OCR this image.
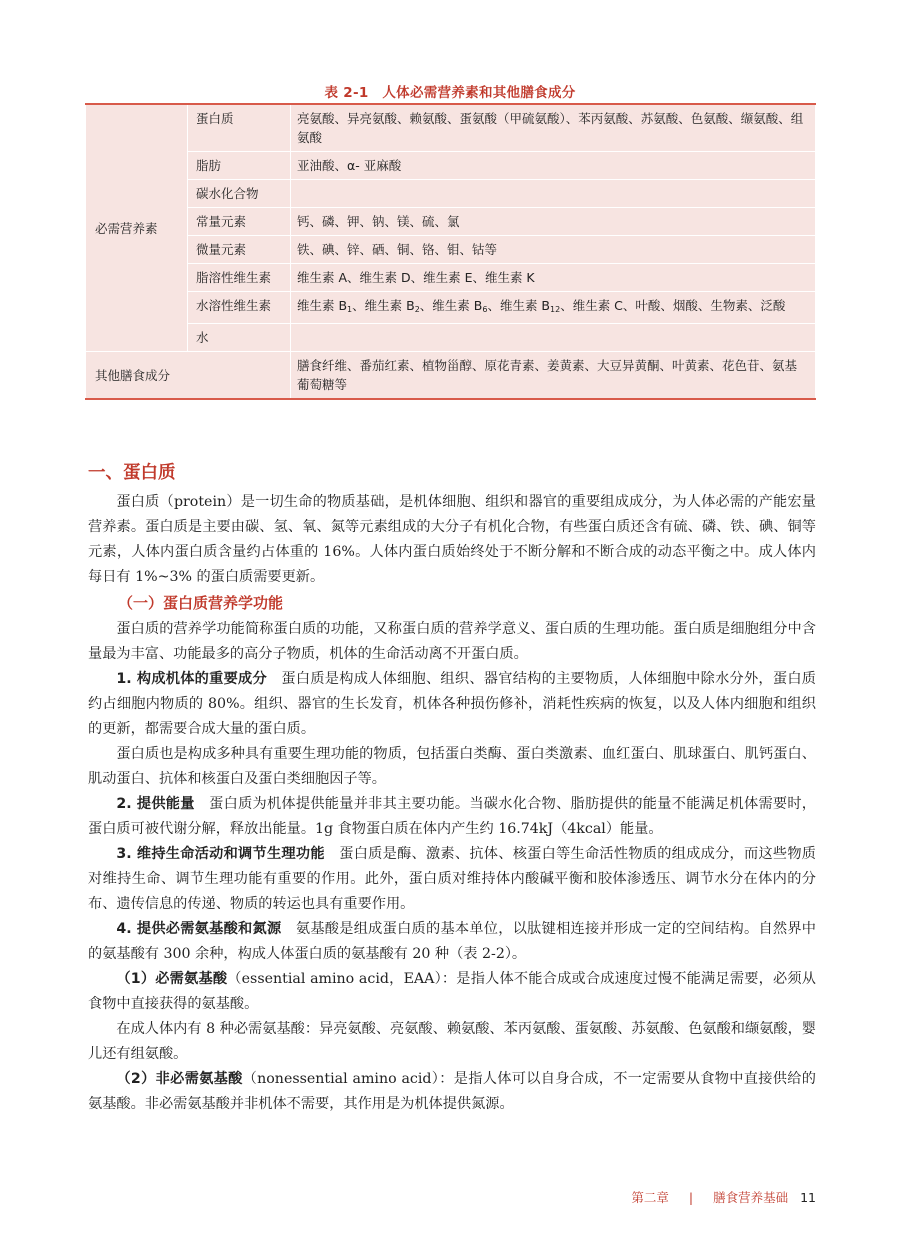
表 2-1　人体必需营养素和其他膳食成分
必需营养素	蛋白质	亮氨酸、异亮氨酸、赖氨酸、蛋氨酸（甲硫氨酸）、苯丙氨酸、苏氨酸、色氨酸、缬氨酸、组氨酸
	脂肪	亚油酸、α- 亚麻酸
	碳水化合物	
	常量元素	钙、磷、钾、钠、镁、硫、氯
	微量元素	铁、碘、锌、硒、铜、铬、钼、钴等
	脂溶性维生素	维生素 A、维生素 D、维生素 E、维生素 K
	水溶性维生素	维生素 $B_1$、维生素 $B_2$、维生素 $B_6$、维生素 $B_{12}$、维生素 C、叶酸、烟酸、生物素、泛酸
	水	
其他膳食成分		膳食纤维、番茄红素、植物甾醇、原花青素、姜黄素、大豆异黄酮、叶黄素、花色苷、氨基葡萄糖等
一、蛋白质

蛋白质（protein）是一切生命的物质基础，是机体细胞、组织和器官的重要组成成分，为人体必需的产能宏量营养素。蛋白质是主要由碳、氢、氧、氮等元素组成的大分子有机化合物，有些蛋白质还含有硫、磷、铁、碘、铜等元素，人体内蛋白质含量约占体重的 16%。人体内蛋白质始终处于不断分解和不断合成的动态平衡之中。成人体内每日有 1%~3% 的蛋白质需要更新。

（一）蛋白质营养学功能

蛋白质的营养学功能简称蛋白质的功能，又称蛋白质的营养学意义、蛋白质的生理功能。蛋白质是细胞组分中含量最为丰富、功能最多的高分子物质，机体的生命活动离不开蛋白质。

1. 构成机体的重要成分　 蛋白质是构成人体细胞、组织、器官结构的主要物质，人体细胞中除水分外，蛋白质约占细胞内物质的 80%。组织、器官的生长发育，机体各种损伤修补，消耗性疾病的恢复，以及人体内细胞和组织的更新，都需要合成大量的蛋白质。

蛋白质也是构成多种具有重要生理功能的物质，包括蛋白类酶、蛋白类激素、血红蛋白、肌球蛋白、肌钙蛋白、肌动蛋白、抗体和核蛋白及蛋白类细胞因子等。

2. 提供能量　 蛋白质为机体提供能量并非其主要功能。当碳水化合物、脂肪提供的能量不能满足机体需要时，蛋白质可被代谢分解，释放出能量。1g 食物蛋白质在体内产生约 16.74kJ（4kcal）能量。

3. 维持生命活动和调节生理功能　 蛋白质是酶、激素、抗体、核蛋白等生命活性物质的组成成分，而这些物质对维持生命、调节生理功能有重要的作用。此外，蛋白质对维持体内酸碱平衡和胶体渗透压、调节水分在体内的分布、遗传信息的传递、物质的转运也具有重要作用。

4. 提供必需氨基酸和氮源　 氨基酸是组成蛋白质的基本单位，以肽键相连接并形成一定的空间结构。自然界中的氨基酸有 300 余种，构成人体蛋白质的氨基酸有 20 种（表 2-2）。

（1）必需氨基酸（essential amino acid，EAA）：是指人体不能合成或合成速度过慢不能满足需要，必须从食物中直接获得的氨基酸。

在成人体内有 8 种必需氨基酸：异亮氨酸、亮氨酸、赖氨酸、苯丙氨酸、蛋氨酸、苏氨酸、色氨酸和缬氨酸，婴儿还有组氨酸。

（2）非必需氨基酸（nonessential amino acid）：是指人体可以自身合成，不一定需要从食物中直接供给的氨基酸。非必需氨基酸并非机体不需要，其作用是为机体提供氮源。

第二章 | 膳食营养基础 11
